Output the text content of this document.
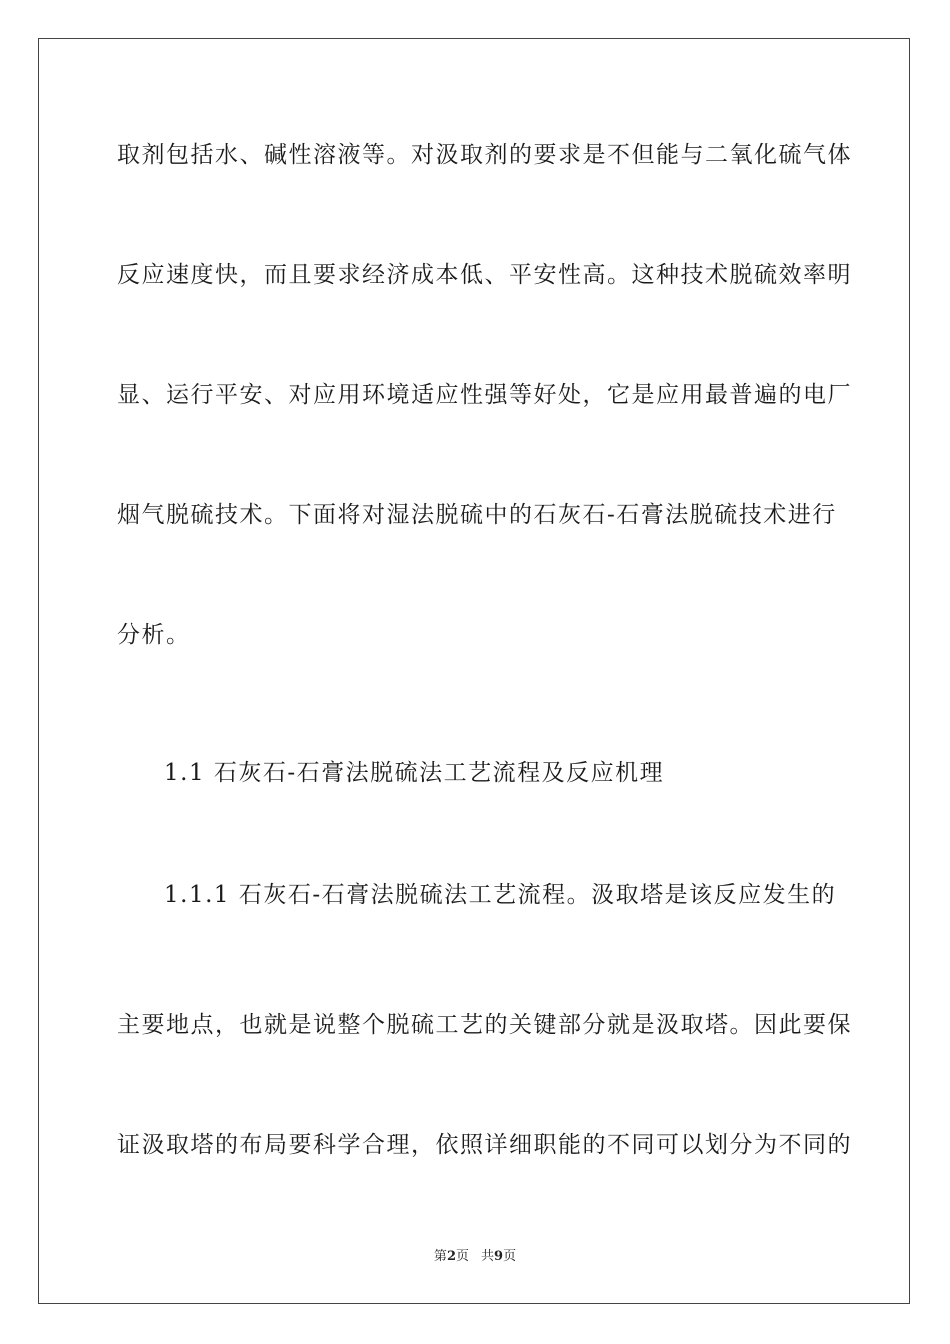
取剂包括水、碱性溶液等。对汲取剂的要求是不但能与二氧化硫气体
反应速度快，而且要求经济成本低、平安性高。这种技术脱硫效率明
显、运行平安、对应用环境适应性强等好处，它是应用最普遍的电厂
烟气脱硫技术。下面将对湿法脱硫中的石灰石-石膏法脱硫技术进行
分析。
1.1 石灰石-石膏法脱硫法工艺流程及反应机理
1.1.1 石灰石-石膏法脱硫法工艺流程。汲取塔是该反应发生的
主要地点，也就是说整个脱硫工艺的关键部分就是汲取塔。因此要保
证汲取塔的布局要科学合理，依照详细职能的不同可以划分为不同的
第2页 共9页
